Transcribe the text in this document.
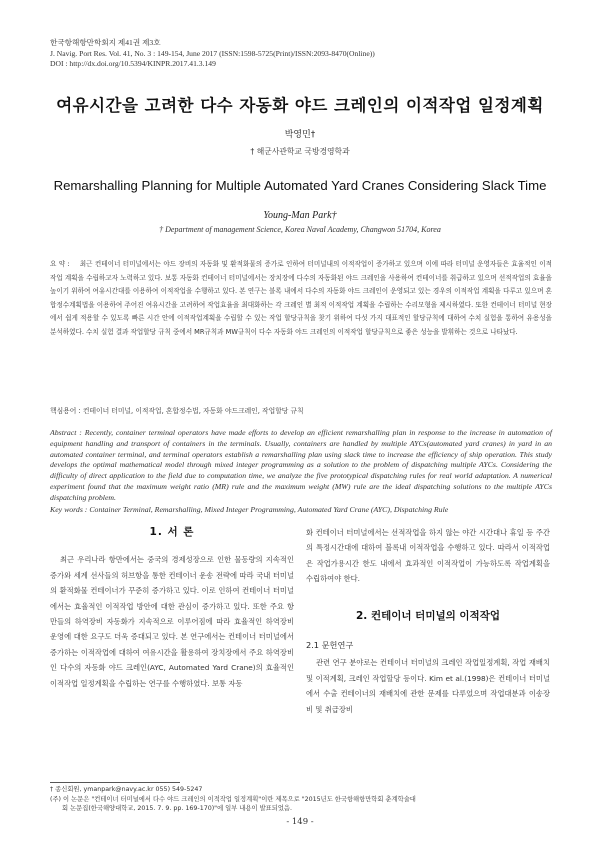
한국항해항만학회지 제41권 제3호
J. Navig. Port Res. Vol. 41, No. 3 : 149-154, June 2017 (ISSN:1598-5725(Print)/ISSN:2093-8470(Online))
DOI : http://dx.doi.org/10.5394/KINPR.2017.41.3.149
여유시간을 고려한 다수 자동화 야드 크레인의 이적작업 일정계획
박영민†
† 해군사관학교 국방경영학과
Remarshalling Planning for Multiple Automated Yard Cranes Considering Slack Time
Young-Man Park†
† Department of management Science, Korea Naval Academy, Changwon 51704, Korea
요 약 : 최근 컨테이너 터미널에서는 야드 장비의 자동화 및 환적화물의 증가로 인하여 터미널내의 이적작업이 증가하고 있으며 이에 따라 터미널 운영자들은 효율적인 이적작업 계획을 수립하고자 노력하고 있다. 보통 자동화 컨테이너 터미널에서는 장치장에 다수의 자동화된 야드 크레인을 사용하여 컨테이너를 취급하고 있으며 선적작업의 효율을 높이기 위하여 여유시간대를 이용하여 이적작업을 수행하고 있다. 본 연구는 블록 내에서 다수의 자동화 야드 크레인이 운영되고 있는 경우의 이적작업 계획을 다루고 있으며 혼합정수계획법을 이용하여 주어진 여유시간을 고려하여 작업효율을 최대화하는 각 크레인 별 최적 이적작업 계획을 수립하는 수리모형을 제시하였다. 또한 컨테이너 터미널 현장에서 쉽게 적용할 수 있도록 빠른 시간 안에 이적작업계획을 수립할 수 있는 작업 할당규칙을 찾기 위하여 다섯 가지 대표적인 할당규칙에 대하여 수치 실험을 통하여 유용성을 분석하였다. 수치 실험 결과 작업할당 규칙 중에서 MR규칙과 MW규칙이 다수 자동화 야드 크레인의 이적작업 할당규칙으로 좋은 성능을 발휘하는 것으로 나타났다.
핵심용어 : 컨테이너 터미널, 이적작업, 혼합정수법, 자동화 야드크레인, 작업할당 규칙
Abstract : Recently, container terminal operators have made efforts to develop an efficient remarshalling plan in response to the increase in automation of equipment handling and transport of containers in the terminals. Usually, containers are handled by multiple AYCs(automated yard cranes) in yard in an automated container terminal, and terminal operators establish a remarshalling plan using slack time to increase the efficiency of ship operation. This study develops the optimal mathematical model through mixed integer programming as a solution to the problem of dispatching multiple AYCs. Considering the difficulty of direct application to the field due to computation time, we analyze the five prototypical dispatching rules for real world adaptation. A numerical experiment found that the maximum weight ratio (MR) rule and the maximum weight (MW) rule are the ideal dispatching solutions to the multiple AYCs dispatching problem.
Key words : Container Terminal, Remarshalling, Mixed Integer Programming, Automated Yard Crane (AYC), Dispatching Rule
1. 서 론

최근 우리나라 항만에서는 중국의 경제성장으로 인한 물동량의 지속적인 증가와 세계 선사들의 허브항을 통한 컨테이너 운송 전략에 따라 국내 터미널의 환적화물 컨테이너가 꾸준히 증가하고 있다. 이로 인하여 컨테이너 터미널에서는 효율적인 이적작업 방안에 대한 관심이 증가하고 있다. 또한 주요 항만들의 하역장비 자동화가 지속적으로 이루어짐에 따라 효율적인 하역장비 운영에 대한 요구도 더욱 증대되고 있다. 본 연구에서는 컨테이너 터미널에서 증가하는 이적작업에 대하여 여유시간을 활용하여 장치장에서 주요 하역장비인 다수의 자동화 야드 크레인(AYC, Automated Yard Crane)의 효율적인 이적작업 일정계획을 수립하는 연구를 수행하였다. 보통 자동

화 컨테이너 터미널에서는 선적작업을 하지 않는 야간 시간대나 휴일 등 주간의 특정시간대에 대하여 블록내 이적작업을 수행하고 있다. 따라서 이적작업은 작업가용시간 한도 내에서 효과적인 이적작업이 가능하도록 작업계획을 수립하여야 한다.

2. 컨테이너 터미널의 이적작업
2.1 문헌연구

관련 연구 분야로는 컨테이너 터미널의 크레인 작업일정계획, 작업 재배치 및 이적계획, 크레인 작업할당 등이다. Kim et al.(1998)은 컨테이너 터미널에서 수출 컨테이너의 재배치에 관한 문제를 다루었으며 작업대분과 이송장비 및 취급장비

† 종신회원, ymanpark@navy.ac.kr 055) 549-5247
(주) 이 논문은 "컨테이너 터미널에서 다수 야드 크레인의 이적작업 일정계획"이란 제목으로 "2015년도 한국항해항만학회 춘계학술대
회 논문집(한국해양대학교, 2015. 7. 9. pp. 169-170)"에 일부 내용이 발표되었음.
- 149 -
